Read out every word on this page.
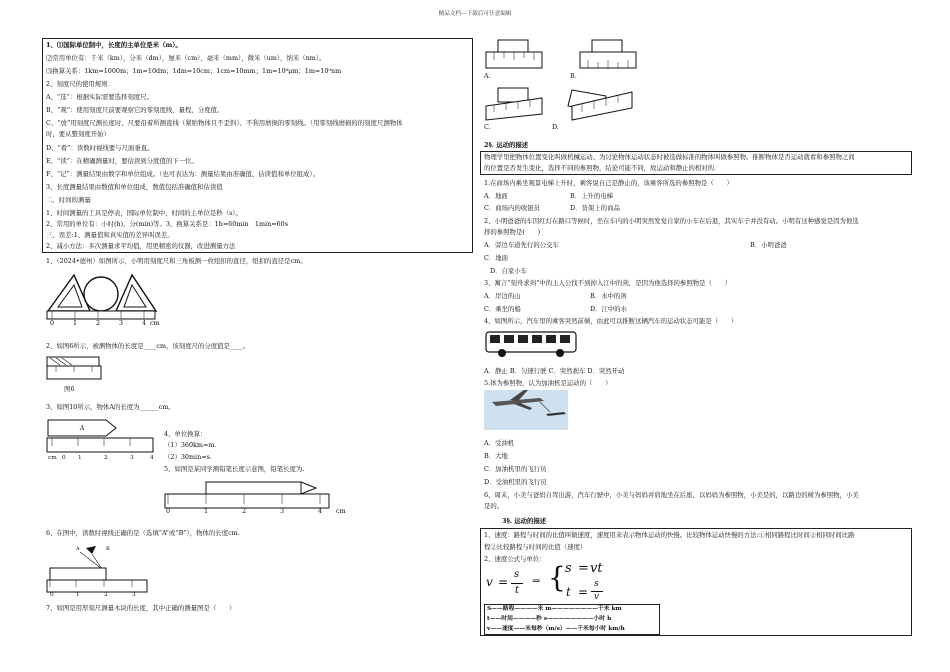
精品文档---下载后可任意编辑
1、⑴国际单位制中，长度的主单位是米（m）。
⑵常用单位有：千米（km），分米（dm），厘米（cm），毫米（mm），微米（um），纳米（nm）。
⑶换算关系：1km=1000m；1m=10dm；1dm=10cm；1cm=10mm；1m=10⁶μm；1m=10⁹nm
2、刻度尺的使用规则：
A、“选”：根据实际需要选择刻度尺。
B、“观”：使用刻度尺前要观察它的零刻度线、量程、分度值。
C、“放”用刻度尺测长度时，尺要沿着所测直线（紧贴物体且不歪斜）。不利用磨损的零刻线。（用零刻线磨损的的刻度尺测物体
时，要从整刻度开始）
D、“看”：读数时视线要与尺面垂直。
E、“读”：在精确测量时，要估读到分度值的下一位。
F、“记”：测量结果由数字和单位组成。（也可表达为：测量结果由准确值、估读值和单位组成）。
3、长度测量结果由数值和单位组成，数值包括准确值和估读值
二、时间的测量
1、时间测量的工具是停表，国际单位制中，时间的主单位是秒（s）。
2、常用的单位有：小时(h)、分(min)等。3、换算关系是：1h=60min　1min=60s
三、误差:1、测量值和真实值的差异叫误差。
2、减小方法：多次测量求平均值，用更精密的仪器，改进测量方法
1、（2024•德州）如图所示，小明用刻度尺和三角板测一枚纽扣的直径，纽扣的直径是cm。
0	1	2	3	4 cm
2、如图6所示，被测物体的长度是____cm，该刻度尺的分度值是____。
图6
3、如图10所示，物体A的长度为______cm。
A
cm 0 1	2	3	4
4、单位换算：
（1）360km=m.
（2）30min=s.
5、如图是某同学测铅笔长度示意图，铅笔长度为.
0	1	2	3	4 cm
6、在图中，读数时视线正确的是（选填“A”或“B”），物体的长度cm.
A	B
0	1	2	3
7、如图是用厚刻尺测量木块的长度，其中正确的测量图是（　　）
A.	B.
C.	D.
2§. 运动的描述
物理学里把物体位置变化叫做机械运动。为讨论物体运动状态时被选做标准的物体叫做参照物。推断物体是否运动就看和参照物之间
的位置是否发生变化，选择不同的参照物，结论可能不同，故运动和静止的相对的.
1.在商场内乘坐观景电梯上升时，乘客说自己是静止的，该乘客所选的参照物是（　　）
A．地面	B．上升的电梯
C．商场内的收银员	D．货架上的商品
2、小明爸爸的车因红灯在路口等候时，坐在车内的小明突然发觉自家的小车在后退，其实车子并没有动。小明有这种感觉是因为他选
择的参照物是(　　)
A．旁边车道先行的公交车	B．小明爸爸
C．地面
D．自家小车
3、寓言“刻舟求剑”中的主人公找不到掉入江中的剑，是因为他选择的参照物是（　　）
A．岸边的山	B．水中的剑
C．乘坐的船	D．江中的水
4、如图所示，汽车里的乘客突然前倾，由此可以推断这辆汽车的运动状态可能是（　　）
A．静止 B．匀速行驶 C．突然刹车 D．突然开动
5.体为参照物，认为加油机是运动的（　　）
A．受油机
B．大地
C．加油机里的飞行员
D．受油机里的飞行员
6、周末，小美与爸妈自驾出游，汽车行驶中，小美与妈妈并肩地坐在后座，以妈妈为参照物，小美是的，以路边的树为参照物，小美
是的。
3§. 运动的描述
1、速度：路程与时间的比值叫做速度，速度用来表示物体运动的快慢。比较物体运动快慢的方法:①相同路程比时间②相同时间比路
程②比较路程与时间的比值（速度）
2、速度公式与单位：
v =
s
t
⇒ { s = vt
t =
s
v
S——路程————米 m————————千米 km
t——时间————秒 s————————小时 h
v——速度——米每秒（m/s）——千米每小时 km/h
